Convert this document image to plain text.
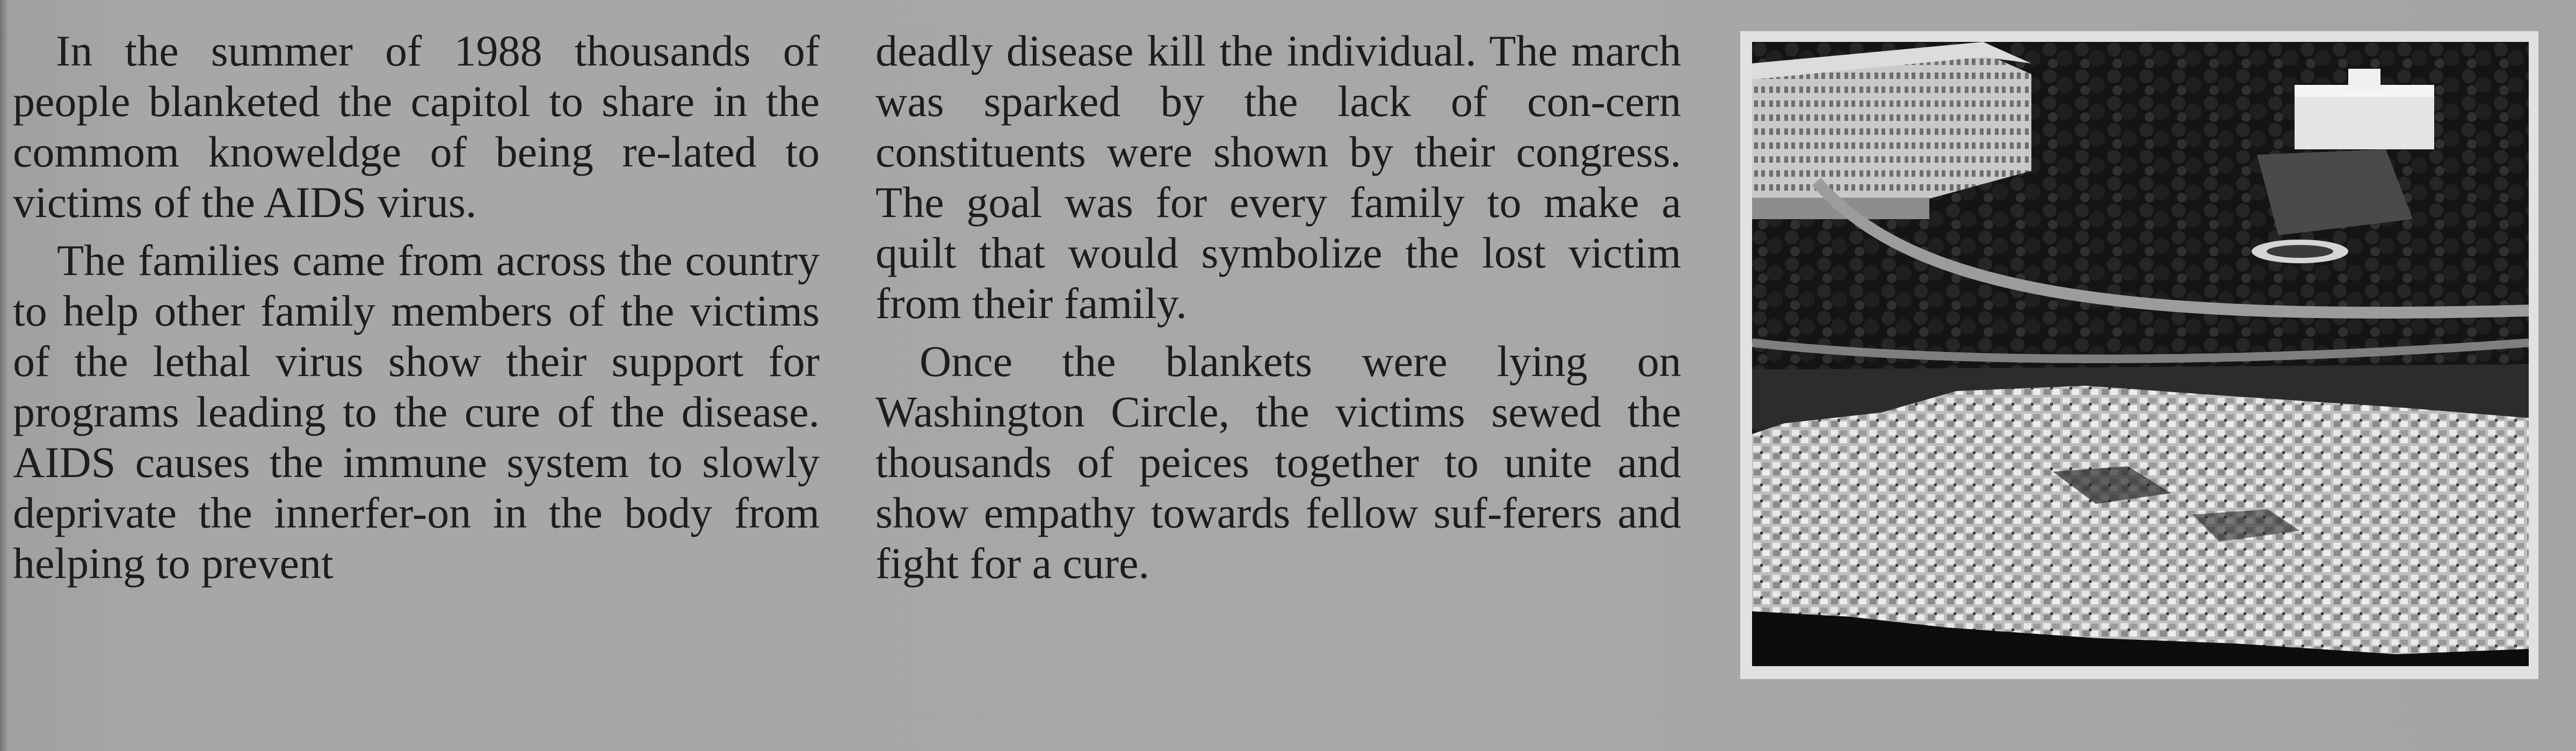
In the summer of 1988 thousands of people blanketed the capitol to share in the commom knoweldge of being re-lated to victims of the AIDS virus.

The families came from across the country to help other family members of the victims of the lethal virus show their support for programs leading to the cure of the disease. AIDS causes the immune system to slowly deprivate the innerfer-on in the body from helping to prevent

deadly disease kill the individual. The march was sparked by the lack of con-cern constituents were shown by their congress. The goal was for every family to make a quilt that would symbolize the lost victim from their family.

Once the blankets were lying on Washington Circle, the victims sewed the thousands of peices together to unite and show empathy towards fellow suf-ferers and fight for a cure.
